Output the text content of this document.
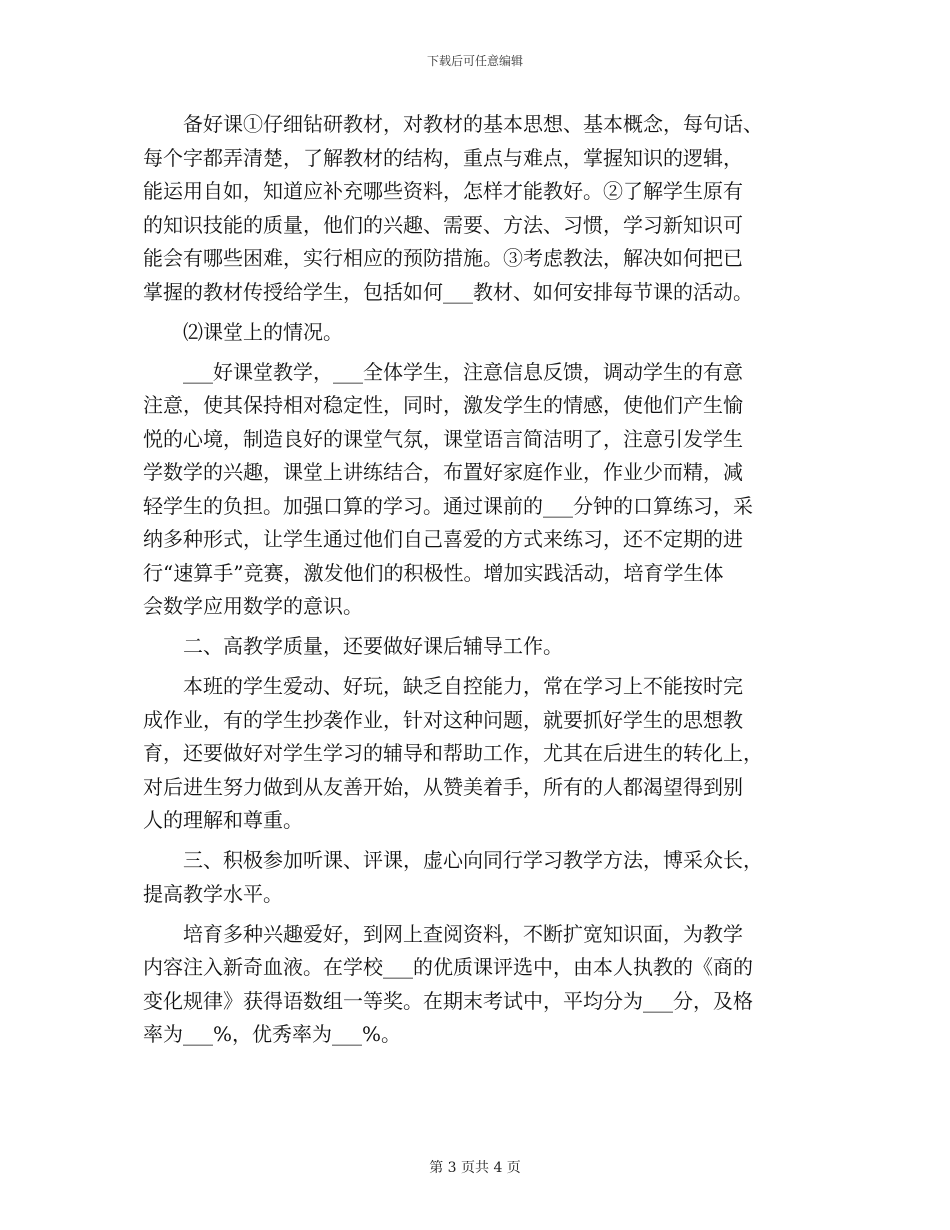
下载后可任意编辑
备好课①仔细钻研教材，对教材的基本思想、基本概念，每句话、
每个字都弄清楚，了解教材的结构，重点与难点，掌握知识的逻辑，
能运用自如，知道应补充哪些资料，怎样才能教好。②了解学生原有
的知识技能的质量，他们的兴趣、需要、方法、习惯，学习新知识可
能会有哪些困难，实行相应的预防措施。③考虑教法，解决如何把已
掌握的教材传授给学生，包括如何___教材、如何安排每节课的活动。
⑵课堂上的情况。
___好课堂教学，___全体学生，注意信息反馈，调动学生的有意
注意，使其保持相对稳定性，同时，激发学生的情感，使他们产生愉
悦的心境，制造良好的课堂气氛，课堂语言简洁明了，注意引发学生
学数学的兴趣，课堂上讲练结合，布置好家庭作业，作业少而精，减
轻学生的负担。加强口算的学习。通过课前的___分钟的口算练习，采
纳多种形式，让学生通过他们自己喜爱的方式来练习，还不定期的进
行“速算手”竞赛，激发他们的积极性。增加实践活动，培育学生体
会数学应用数学的意识。
二、高教学质量，还要做好课后辅导工作。
本班的学生爱动、好玩，缺乏自控能力，常在学习上不能按时完
成作业，有的学生抄袭作业，针对这种问题，就要抓好学生的思想教
育，还要做好对学生学习的辅导和帮助工作，尤其在后进生的转化上，
对后进生努力做到从友善开始，从赞美着手，所有的人都渴望得到别
人的理解和尊重。
三、积极参加听课、评课，虚心向同行学习教学方法，博采众长，
提高教学水平。
培育多种兴趣爱好，到网上查阅资料，不断扩宽知识面，为教学
内容注入新奇血液。在学校___的优质课评选中，由本人执教的《商的
变化规律》获得语数组一等奖。在期末考试中，平均分为___分，及格
率为___%，优秀率为___%。
第 3 页共 4 页
